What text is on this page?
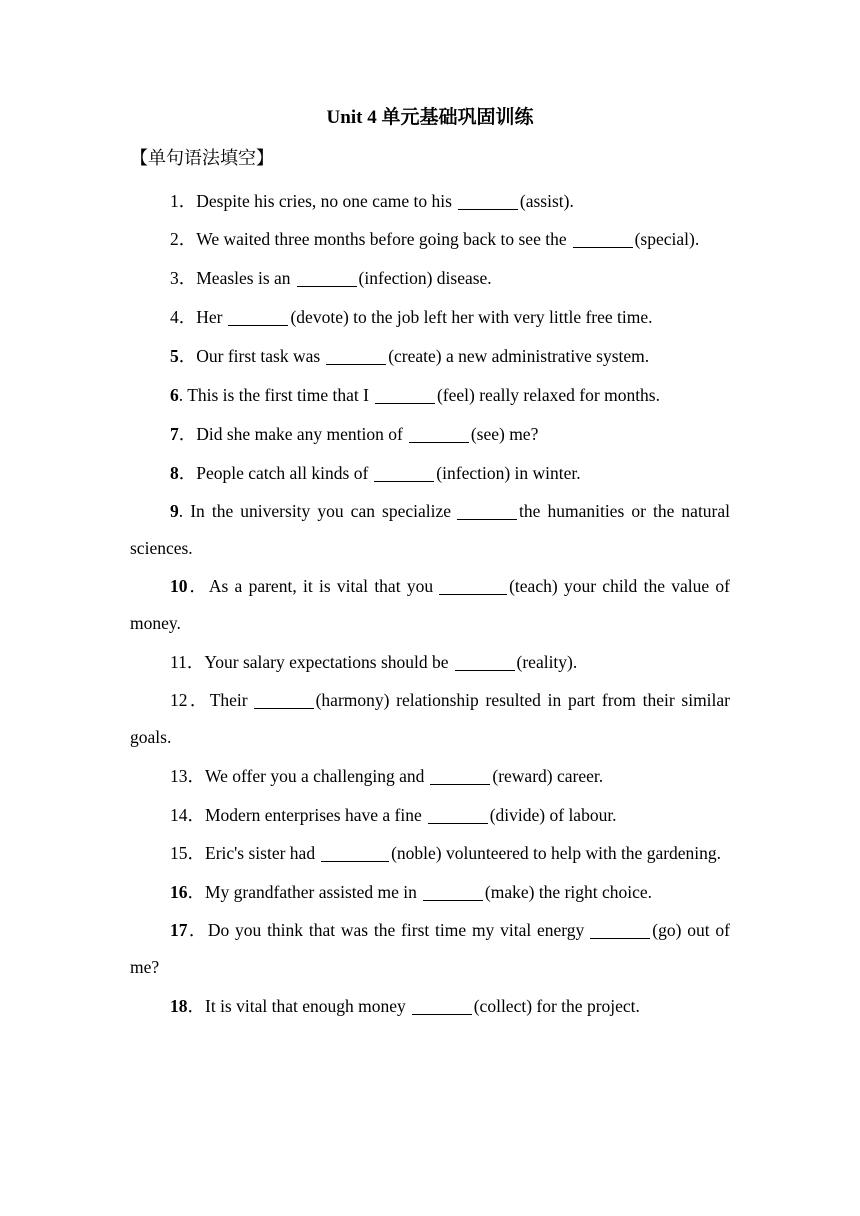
Unit 4 单元基础巩固训练
【单句语法填空】
1．Despite his cries, no one came to his	(assist).
2．We waited three months before going back to see the	(special).
3．Measles is an	(infection) disease.
4．Her	(devote) to the job left her with very little free time.
5．Our first task was	(create) a new administrative system.
6. This is the first time that I	(feel) really relaxed for months.
7．Did she make any mention of	(see) me?
8．People catch all kinds of	(infection) in winter.
9. In the university you can specialize	the humanities or the natural sciences.
10．As a parent, it is vital that you	(teach) your child the value of money.
11．Your salary expectations should be	(reality).
12．Their	(harmony) relationship resulted in part from their similar goals.
13．We offer you a challenging and	(reward) career.
14．Modern enterprises have a fine	(divide) of labour.
15．Eric's sister had	(noble) volunteered to help with the gardening.
16．My grandfather assisted me in	(make) the right choice.
17．Do you think that was the first time my vital energy	(go) out of me?
18．It is vital that enough money	(collect) for the project.
